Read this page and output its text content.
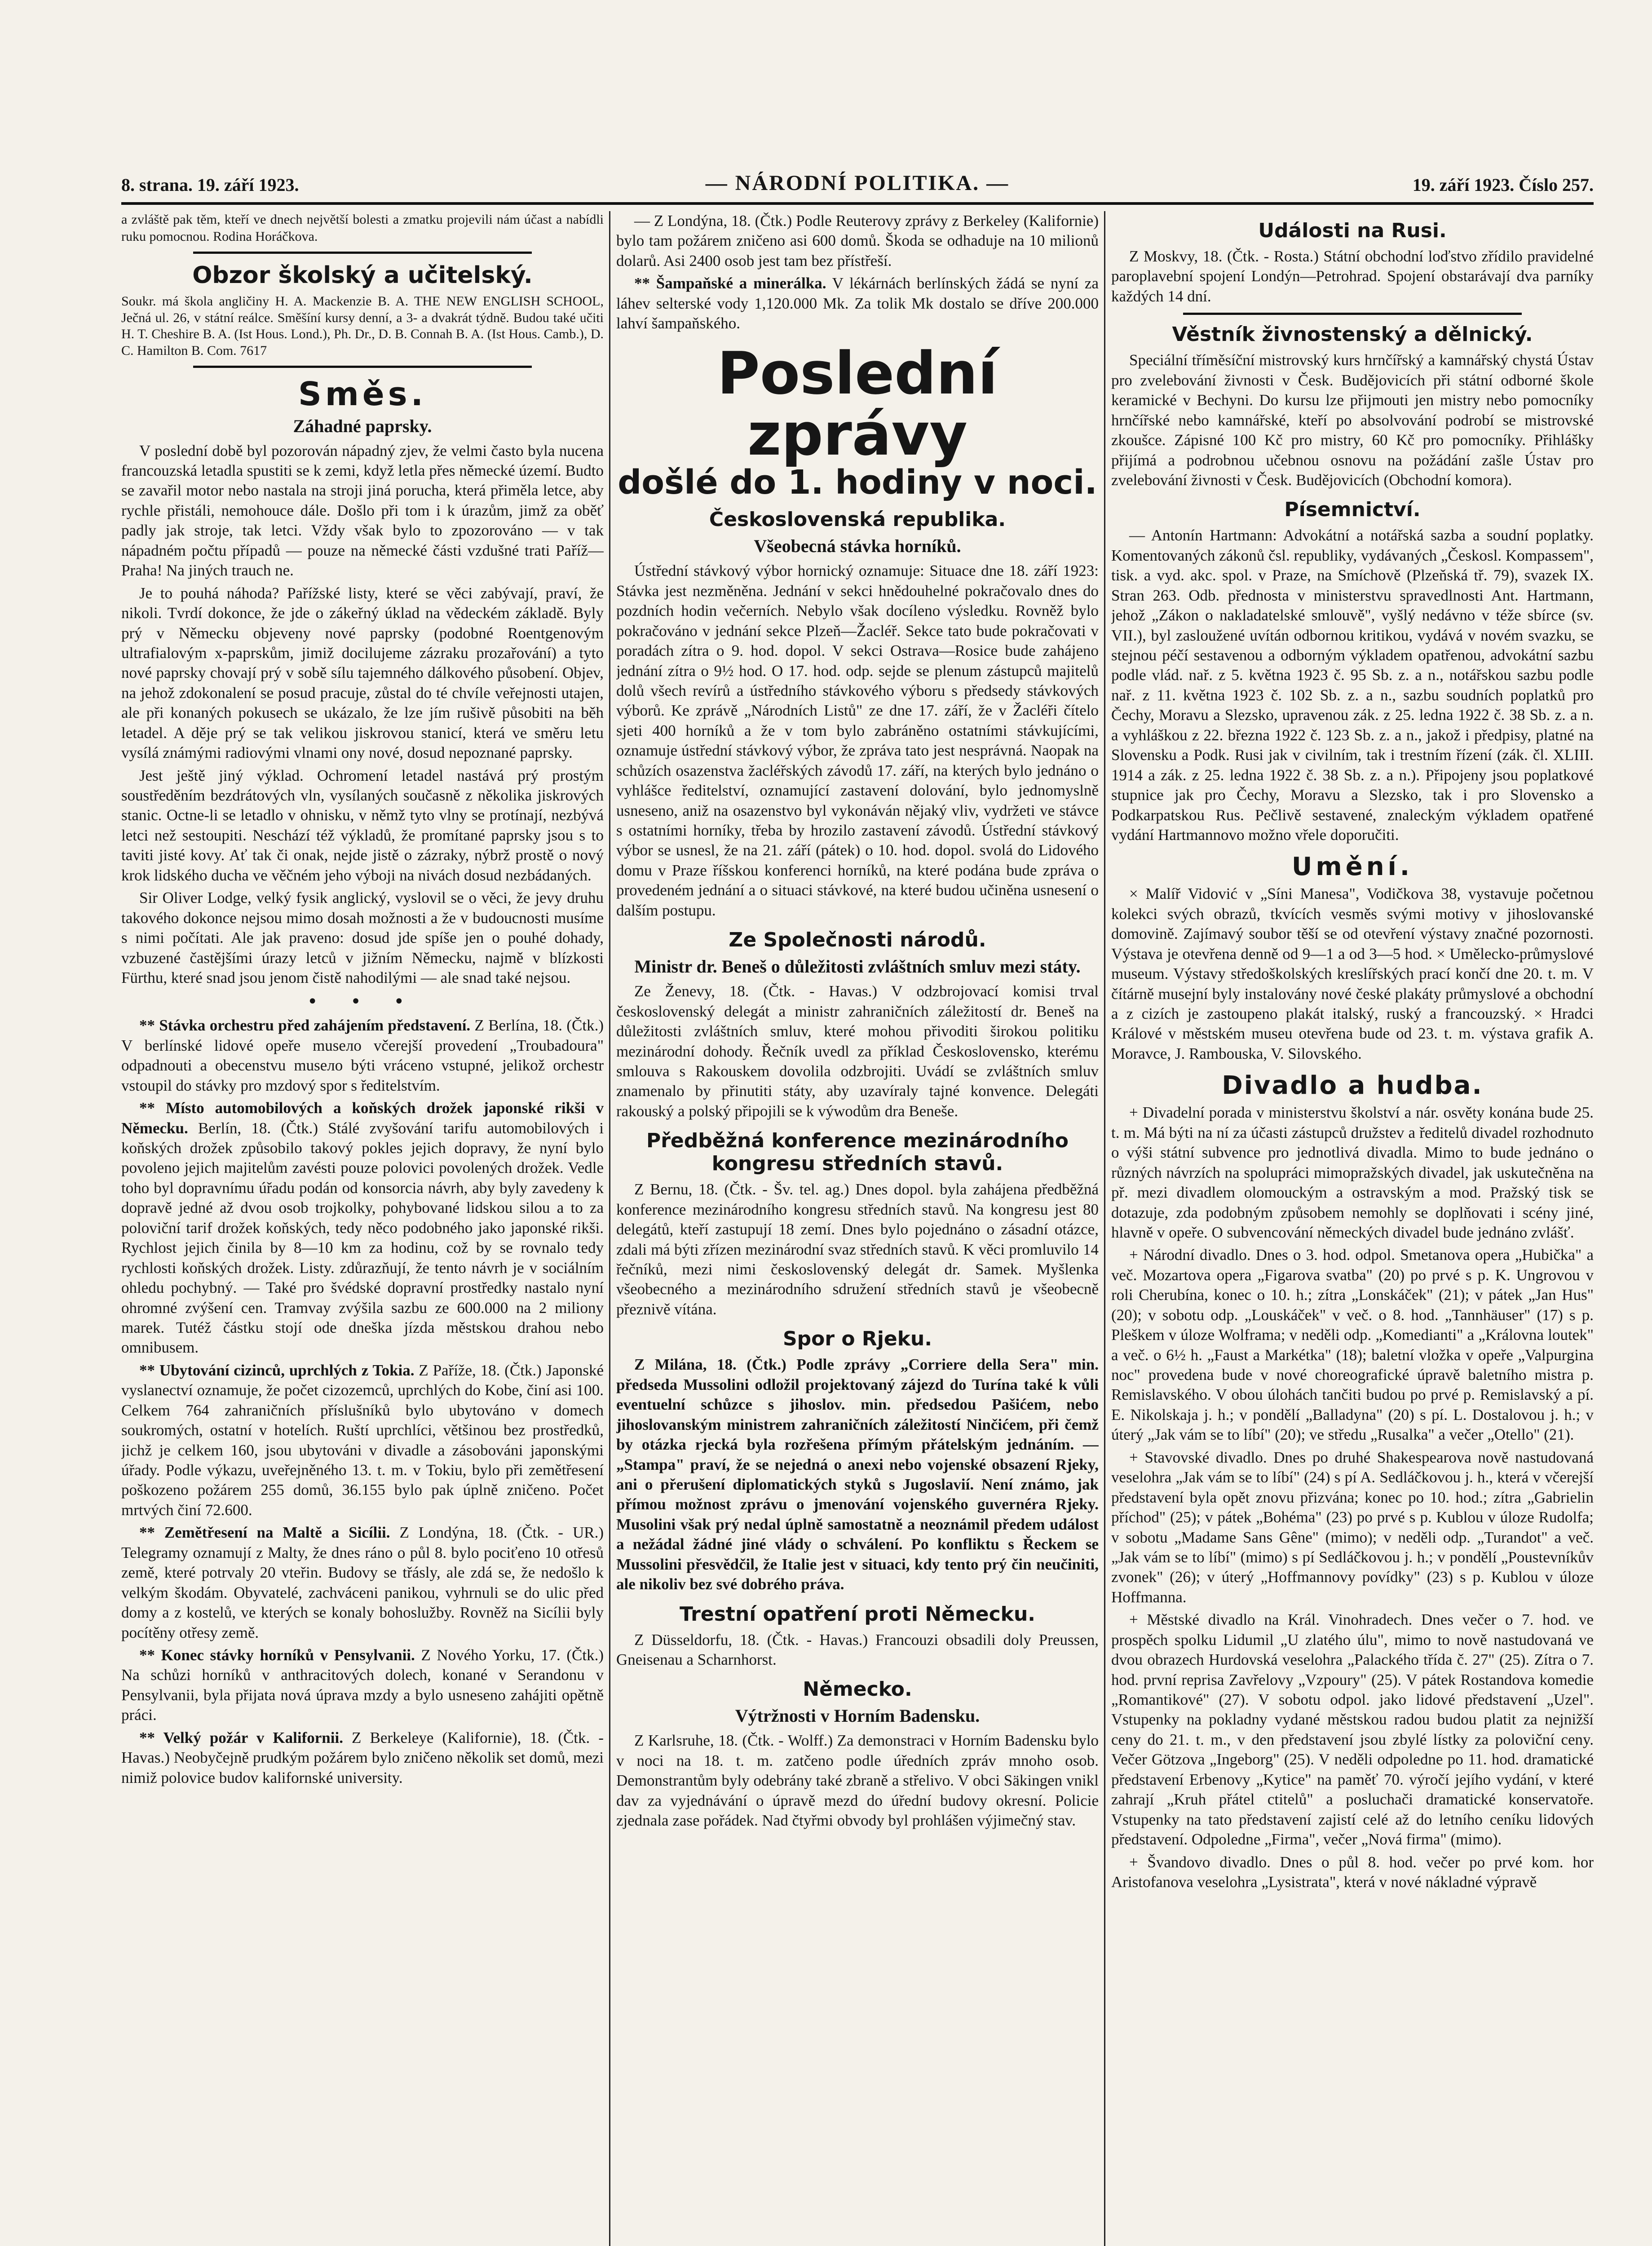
8. strana. 19. září 1923.	— NÁRODNÍ POLITIKA. —	19. září 1923. Číslo 257.

a zvláště pak těm, kteří ve dnech největší bolesti a zmatku projevili nám účast a nabídli ruku pomocnou. Rodina Horáčkova.

Obzor školský a učitelský.

Soukr. má škola angličiny H. A. Mackenzie B. A. THE NEW ENGLISH SCHOOL, Ječná ul. 26, v státní reálce. Směšíní kursy denní, a 3- a dvakrát týdně. Budou také učiti H. T. Cheshire B. A. (Ist Hous. Lond.), Ph. Dr., D. B. Connah B. A. (Ist Hous. Camb.), D. C. Hamilton B. Com. 7617

Směs.
Záhadné paprsky.

V poslední době byl pozorován nápadný zjev, že velmi často byla nucena francouzská letadla spustiti se k zemi, když letla přes německé území. Budto se zavařil motor nebo nastala na stroji jiná porucha, která přiměla letce, aby rychle přistáli, nemohouce dále. Došlo při tom i k úrazům, jimž za oběť padly jak stroje, tak letci. Vždy však bylo to zpozorováno — v tak nápadném počtu případů — pouze na německé části vzdušné trati Paříž—Praha! Na jiných trauch ne.

Je to pouhá náhoda? Pařížské listy, které se věci zabývají, praví, že nikoli. Tvrdí dokonce, že jde o zákeřný úklad na vědeckém základě. Byly prý v Německu objeveny nové paprsky (podobné Roentgenovým ultrafialovým x-paprskům, jimiž docilujeme zázraku prozařování) a tyto nové paprsky chovají prý v sobě sílu tajemného dálkového působení. Objev, na jehož zdokonalení se posud pracuje, zůstal do té chvíle veřejnosti utajen, ale při konaných pokusech se ukázalo, že lze jím rušivě působiti na běh letadel. A děje prý se tak velikou jiskrovou stanicí, která ve směru letu vysílá známými radiovými vlnami ony nové, dosud nepoznané paprsky.

Jest ještě jiný výklad. Ochromení letadel nastává prý prostým soustředěním bezdrátových vln, vysílaných současně z několika jiskrových stanic. Octne-li se letadlo v ohnisku, v němž tyto vlny se protínají, nezbývá letci než sestoupiti. Neschází též výkladů, že promítané paprsky jsou s to taviti jisté kovy. Ať tak či onak, nejde jistě o zázraky, nýbrž prostě o nový krok lidského ducha ve věčném jeho výboji na nivách dosud nezbádaných.

Sir Oliver Lodge, velký fysik anglický, vyslovil se o věci, že jevy druhu takového dokonce nejsou mimo dosah možnosti a že v budoucnosti musíme s nimi počítati. Ale jak praveno: dosud jde spíše jen o pouhé dohady, vzbuzené častějšími úrazy letců v jižním Německu, najmě v blízkosti Fürthu, které snad jsou jenom čistě nahodilými — ale snad také nejsou.

• • •

** Stávka orchestru před zahájením představení. Z Berlína, 18. (Čtk.) V berlínské lidové opeře museло včerejší provedení „Troubadoura" odpadnouti a obecenstvu museло býti vráceno vstupné, jelikož orchestr vstoupil do stávky pro mzdový spor s ředitelstvím.

** Místo automobilových a koňských drožek japonské rikši v Německu. Berlín, 18. (Čtk.) Stálé zvyšování tarifu automobilových i koňských drožek způsobilo takový pokles jejich dopravy, že nyní bylo povoleno jejich majitelům zavésti pouze polovici povolených drožek. Vedle toho byl dopravnímu úřadu podán od konsorcia návrh, aby byly zavedeny k dopravě jedné až dvou osob trojkolky, pohybované lidskou silou a to za poloviční tarif drožek koňských, tedy něco podobného jako japonské rikši. Rychlost jejich činila by 8—10 km za hodinu, což by se rovnalo tedy rychlosti koňských drožek. Listy. zdůrazňují, že tento návrh je v sociálním ohledu pochybný. — Také pro švédské dopravní prostředky nastalo nyní ohromné zvýšení cen. Tramvay zvýšila sazbu ze 600.000 na 2 miliony marek. Tutéž částku stojí ode dneška jízda městskou drahou nebo omnibusem.

** Ubytování cizinců, uprchlých z Tokia. Z Paříže, 18. (Čtk.) Japonské vyslanectví oznamuje, že počet cizozemců, uprchlých do Kobe, činí asi 100. Celkem 764 zahraničních příslušníků bylo ubytováno v domech soukromých, ostatní v hotelích. Ruští uprchlíci, většinou bez prostředků, jichž je celkem 160, jsou ubytováni v divadle a zásobováni japonskými úřady. Podle výkazu, uveřejněného 13. t. m. v Tokiu, bylo při zemětřesení poškozeno požárem 255 domů, 36.155 bylo pak úplně zničeno. Počet mrtvých činí 72.600.

** Zemětřesení na Maltě a Sicílii. Z Londýna, 18. (Čtk. - UR.) Telegramy oznamují z Malty, že dnes ráno o půl 8. bylo pociťeno 10 otřesů země, které potrvaly 20 vteřin. Budovy se třásly, ale zdá se, že nedošlo k velkým škodám. Obyvatelé, zachváceni panikou, vyhrnuli se do ulic před domy a z kostelů, ve kterých se konaly bohoslužby. Rovněž na Sicílii byly pocítěny otřesy země.

** Konec stávky horníků v Pensylvanii. Z Nového Yorku, 17. (Čtk.) Na schůzi horníků v anthracitových dolech, konané v Serandonu v Pensylvanii, byla přijata nová úprava mzdy a bylo usneseno zahájiti opětně práci.

** Velký požár v Kalifornii. Z Berkeleye (Kalifornie), 18. (Čtk. - Havas.) Neobyčejně prudkým požárem bylo zničeno několik set domů, mezi nimiž polovice budov kalifornské university.

— Z Londýna, 18. (Čtk.) Podle Reuterovy zprávy z Berkeley (Kalifornie) bylo tam požárem zničeno asi 600 domů. Škoda se odhaduje na 10 milionů dolarů. Asi 2400 osob jest tam bez přístřeší.

** Šampaňské a minerálka. V lékárnách berlínských žádá se nyní za láhev selterské vody 1,120.000 Mk. Za tolik Mk dostalo se dříve 200.000 lahví šampaňského.

Poslední zprávy
došlé do 1. hodiny v noci.
Československá republika.
Všeobecná stávka horníků.

Ústřední stávkový výbor hornický oznamuje: Situace dne 18. září 1923: Stávka jest nezměněna. Jednání v sekci hnědouhelné pokračovalo dnes do pozdních hodin večerních. Nebylo však docíleno výsledku. Rovněž bylo pokračováno v jednání sekce Plzeň—Žacléř. Sekce tato bude pokračovati v poradách zítra o 9. hod. dopol. V sekci Ostrava—Rosice bude zahájeno jednání zítra o 9½ hod. O 17. hod. odp. sejde se plenum zástupců majitelů dolů všech revírů a ústředního stávkového výboru s předsedy stávkových výborů. Ke zprávě „Národních Listů" ze dne 17. září, že v Žacléři čítelo sjeti 400 horníků a že v tom bylo zabráněno ostatními stávkujícími, oznamuje ústřední stávkový výbor, že zpráva tato jest nesprávná. Naopak na schůzích osazenstva žacléřských závodů 17. září, na kterých bylo jednáno o vyhlášce ředitelství, oznamující zastavení dolování, bylo jednomyslně usneseno, aniž na osazenstvo byl vykonáván nějaký vliv, vydržeti ve stávce s ostatními horníky, třeba by hrozilo zastavení závodů. Ústřední stávkový výbor se usnesl, že na 21. září (pátek) o 10. hod. dopol. svolá do Lidového domu v Praze říšskou konferenci horníků, na které podána bude zpráva o provedeném jednání a o situaci stávkové, na které budou učiněna usnesení o dalším postupu.

Ze Společnosti národů.
Ministr dr. Beneš o důležitosti zvláštních smluv mezi státy.

Ze Ženevy, 18. (Čtk. - Havas.) V odzbrojovací komisi trval československý delegát a ministr zahraničních záležitostí dr. Beneš na důležitosti zvláštních smluv, které mohou přivoditi širokou politiku mezinárodní dohody. Řečník uvedl za příklad Československo, kterému smlouva s Rakouskem dovolila odzbrojiti. Uvádí se zvláštních smluv znamenalo by přinutiti státy, aby uzavíraly tajné konvence. Delegáti rakouský a polský připojili se k výwodům dra Beneše.

Předběžná konference mezinárodního kongresu středních stavů.

Z Bernu, 18. (Čtk. - Šv. tel. ag.) Dnes dopol. byla zahájena předběžná konference mezinárodního kongresu středních stavů. Na kongresu jest 80 delegátů, kteří zastupují 18 zemí. Dnes bylo pojednáno o zásadní otázce, zdali má býti zřízen mezinárodní svaz středních stavů. K věci promluvilo 14 řečníků, mezi nimi československý delegát dr. Samek. Myšlenka všeobecného a mezinárodního sdružení středních stavů je všeobecně přeznivě vítána.

Spor o Rjeku.

Z Milána, 18. (Čtk.) Podle zprávy „Corriere della Sera" min. předseda Mussolini odložil projektovaný zájezd do Turína také k vůli eventuelní schůzce s jihoslov. min. předsedou Pašićem, nebo jihoslovanským ministrem zahraničních záležitostí Ninčićem, při čemž by otázka rjecká byla rozřešena přímým přátelským jednáním. — „Stampa" praví, že se nejedná o anexi nebo vojenské obsazení Rjeky, ani o přerušení diplomatických styků s Jugoslavií. Není známo, jak přímou možnost zprávu o jmenování vojenského guvernéra Rjeky. Musolini však prý nedal úplně samostatně a neoznámil předem událost a nežádal žádné jiné vlády o schválení. Po konfliktu s Řeckem se Mussolini přesvědčil, že Italie jest v situaci, kdy tento prý čin neučiniti, ale nikoliv bez své dobrého práva.

Trestní opatření proti Německu.

Z Düsseldorfu, 18. (Čtk. - Havas.) Francouzi obsadili doly Preussen, Gneisenau a Scharnhorst.

Německo.
Výtržnosti v Horním Badensku.

Z Karlsruhe, 18. (Čtk. - Wolff.) Za demonstraci v Horním Badensku bylo v noci na 18. t. m. zatčeno podle úředních zpráv mnoho osob. Demonstrantům byly odebrány také zbraně a střelivo. V obci Säkingen vnikl dav za vyjednávání o úpravě mezd do úřední budovy okresní. Policie zjednala zase pořádek. Nad čtyřmi obvody byl prohlášen výjimečný stav.

Události na Rusi.

Z Moskvy, 18. (Čtk. - Rosta.) Státní obchodní loďstvo zřídilo pravidelné paroplavební spojení Londýn—Petrohrad. Spojení obstarávají dva parníky každých 14 dní.

Věstník živnostenský a dělnický.

Speciální tříměsíční mistrovský kurs hrnčířský a kamnářský chystá Ústav pro zvelebování živnosti v Česk. Budějovicích při státní odborné škole keramické v Bechyni. Do kursu lze přijmouti jen mistry nebo pomocníky hrnčířské nebo kamnářské, kteří po absolvování podrobí se mistrovské zkoušce. Zápisné 100 Kč pro mistry, 60 Kč pro pomocníky. Přihlášky přijímá a podrobnou učebnou osnovu na požádání zašle Ústav pro zvelebování živnosti v Česk. Budějovicích (Obchodní komora).

Písemnictví.

— Antonín Hartmann: Advokátní a notářská sazba a soudní poplatky. Komentovaných zákonů čsl. republiky, vydávaných „Českosl. Kompassem", tisk. a vyd. akc. spol. v Praze, na Smíchově (Plzeňská tř. 79), svazek IX. Stran 263. Odb. přednosta v ministerstvu spravedlnosti Ant. Hartmann, jehož „Zákon o nakladatelské smlouvě", vyšlý nedávno v téže sbírce (sv. VII.), byl zasloužené uvítán odbornou kritikou, vydává v novém svazku, se stejnou péčí sestavenou a odborným výkladem opatřenou, advokátní sazbu podle vlád. nař. z 5. května 1923 č. 95 Sb. z. a n., notářskou sazbu podle nař. z 11. května 1923 č. 102 Sb. z. a n., sazbu soudních poplatků pro Čechy, Moravu a Slezsko, upravenou zák. z 25. ledna 1922 č. 38 Sb. z. a n. a vyhláškou z 22. března 1922 č. 123 Sb. z. a n., jakož i předpisy, platné na Slovensku a Podk. Rusi jak v civilním, tak i trestním řízení (zák. čl. XLIII. 1914 a zák. z 25. ledna 1922 č. 38 Sb. z. a n.). Připojeny jsou poplatkové stupnice jak pro Čechy, Moravu a Slezsko, tak i pro Slovensko a Podkarpatskou Rus. Pečlivě sestavené, znaleckým výkladem opatřené vydání Hartmannovo možno vřele doporučiti.

Umění.

× Malíř Vidović v „Síni Manesa", Vodičkova 38, vystavuje početnou kolekci svých obrazů, tkvících vesměs svými motivy v jihoslovanské domovině. Zajímavý soubor těší se od otevření výstavy značné pozornosti. Výstava je otevřena denně od 9—1 a od 3—5 hod. × Umělecko-průmyslové museum. Výstavy středoškolských kreslířských prací končí dne 20. t. m. V čítárně musejní byly instalovány nové české plakáty průmyslové a obchodní a z cizích je zastoupeno plakát italský, ruský a francouzský. × Hradci Králové v městském museu otevřena bude od 23. t. m. výstava grafik A. Moravce, J. Rambouska, V. Silovského.

Divadlo a hudba.

+ Divadelní porada v ministerstvu školství a nár. osvěty konána bude 25. t. m. Má býti na ní za účasti zástupců družstev a ředitelů divadel rozhodnuto o výši státní subvence pro jednotlivá divadla. Mimo to bude jednáno o různých návrzích na spolupráci mimopražských divadel, jak uskutečněna na př. mezi divadlem olomouckým a ostravským a mod. Pražský tisk se dotazuje, zda podobným způsobem nemohly se doplňovati i scény jiné, hlavně v opeře. O subvencování německých divadel bude jednáno zvlášť.

+ Národní divadlo. Dnes o 3. hod. odpol. Smetanova opera „Hubička" a več. Mozartova opera „Figarova svatba" (20) po prvé s p. K. Ungrovou v roli Cherubína, konec o 10. h.; zítra „Lonskáček" (21); v pátek „Jan Hus" (20); v sobotu odp. „Louskáček" v več. o 8. hod. „Tannhäuser" (17) s p. Pleškem v úloze Wolframa; v neděli odp. „Komedianti" a „Královna loutek" a več. o 6½ h. „Faust a Markétka" (18); baletní vložka v opeře „Valpurgina noc" provedena bude v nové choreografické úpravě baletního mistra p. Remislavského. V obou úlohách tančiti budou po prvé p. Remislavský a pí. E. Nikolskaja j. h.; v pondělí „Balladyna" (20) s pí. L. Dostalovou j. h.; v úterý „Jak vám se to líbí" (20); ve středu „Rusalka" a večer „Otello" (21).

+ Stavovské divadlo. Dnes po druhé Shakespearova nově nastudovaná veselohra „Jak vám se to líbí" (24) s pí A. Sedláčkovou j. h., která v včerejší představení byla opět znovu přizvána; konec po 10. hod.; zítra „Gabrielin příchod" (25); v pátek „Bohéma" (23) po prvé s p. Kublou v úloze Rudolfa; v sobotu „Madame Sans Gêne" (mimo); v neděli odp. „Turandot" a več. „Jak vám se to líbí" (mimo) s pí Sedláčkovou j. h.; v pondělí „Poustevníkův zvonek" (26); v úterý „Hoffmannovy povídky" (23) s p. Kublou v úloze Hoffmanna.

+ Městské divadlo na Král. Vinohradech. Dnes večer o 7. hod. ve prospěch spolku Lidumil „U zlatého úlu", mimo to nově nastudovaná ve dvou obrazech Hurdovská veselohra „Palackého třída č. 27" (25). Zítra o 7. hod. první reprisa Zavřelovy „Vzpoury" (25). V pátek Rostandova komedie „Romantikové" (27). V sobotu odpol. jako lidové představení „Uzel". Vstupenky na pokladny vydané městskou radou budou platit za nejnižší ceny do 21. t. m., v den představení jsou zbylé lístky za poloviční ceny. Večer Götzova „Ingeborg" (25). V neděli odpoledne po 11. hod. dramatické představení Erbenovy „Kytice" na paměť 70. výročí jejího vydání, v které zahrají „Kruh přátel ctitelů" a posluchači dramatické konservatoře. Vstupenky na tato představení zajistí celé až do letního ceníku lidových představení. Odpoledne „Firma", večer „Nová firma" (mimo).

+ Švandovo divadlo. Dnes o půl 8. hod. večer po prvé kom. hor Aristofanova veselohra „Lysistrata", která v nové nákladné výpravě
